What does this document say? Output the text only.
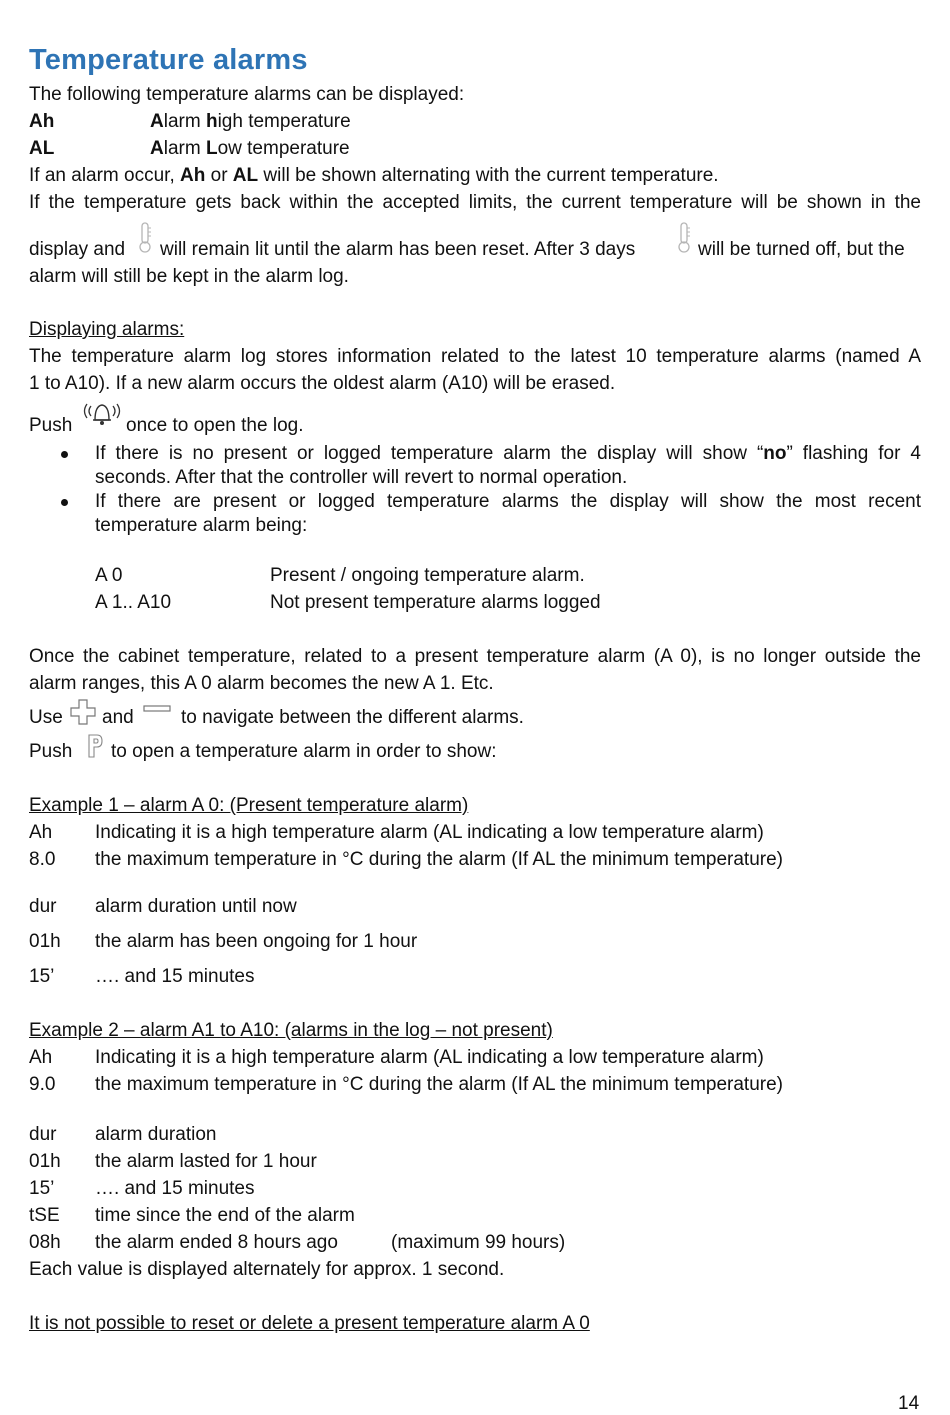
Temperature alarms
The following temperature alarms can be displayed:
Ah	Alarm high temperature
AL	Alarm Low temperature
If an alarm occur, Ah or AL will be shown alternating with the current temperature.
If the temperature gets back within the accepted limits, the current temperature will be shown in the
display and will remain lit until the alarm has been reset. After 3 days	will be turned off, but the
alarm will still be kept in the alarm log.
Displaying alarms:
The temperature alarm log stores information related to the latest 10 temperature alarms (named A
1 to A10). If a new alarm occurs the oldest alarm (A10) will be erased.
Push	once to open the log.
If there is no present or logged temperature alarm the display will show “no” flashing for 4
seconds. After that the controller will revert to normal operation.
If there are present or logged temperature alarms the display will show the most recent
temperature alarm being:
A 0	Present / ongoing temperature alarm.
A 1.. A10	Not present temperature alarms logged
Once the cabinet temperature, related to a present temperature alarm (A 0), is no longer outside the
alarm ranges, this A 0 alarm becomes the new A 1. Etc.
Use and to navigate between the different alarms.
Push to open a temperature alarm in order to show:
Example 1 – alarm A 0: (Present temperature alarm)
Ah Indicating it is a high temperature alarm (AL indicating a low temperature alarm)
8.0 the maximum temperature in °C during the alarm (If AL the minimum temperature)
dur alarm duration until now
01h the alarm has been ongoing for 1 hour
15’ …. and 15 minutes
Example 2 – alarm A1 to A10: (alarms in the log – not present)
Ah Indicating it is a high temperature alarm (AL indicating a low temperature alarm)
9.0 the maximum temperature in °C during the alarm (If AL the minimum temperature)
dur alarm duration
01h the alarm lasted for 1 hour
15’ …. and 15 minutes
tSE time since the end of the alarm
08h the alarm ended 8 hours ago	(maximum 99 hours)
Each value is displayed alternately for approx. 1 second.
It is not possible to reset or delete a present temperature alarm A 0
14
